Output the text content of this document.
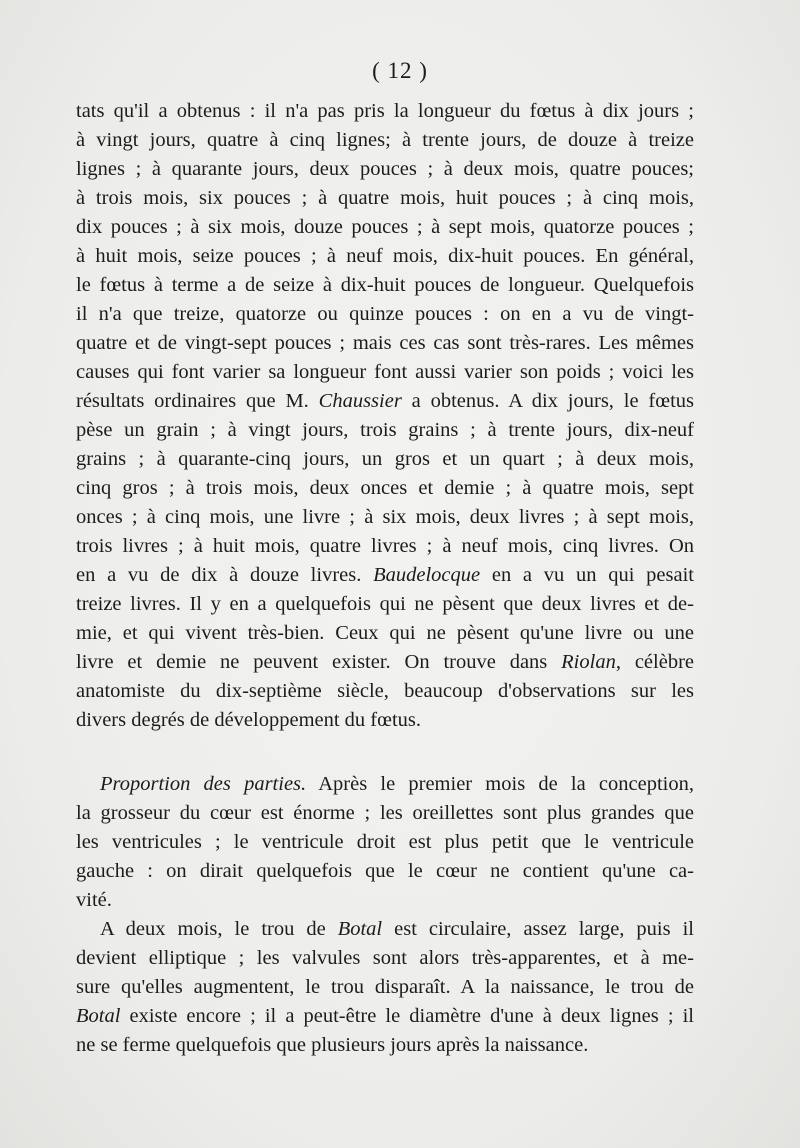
( 12 )
tats qu'il a obtenus : il n'a pas pris la longueur du fœtus à dix jours ;
à vingt jours, quatre à cinq lignes; à trente jours, de douze à treize
lignes ; à quarante jours, deux pouces ; à deux mois, quatre pouces;
à trois mois, six pouces ; à quatre mois, huit pouces ; à cinq mois,
dix pouces ; à six mois, douze pouces ; à sept mois, quatorze pouces ;
à huit mois, seize pouces ; à neuf mois, dix-huit pouces. En général,
le fœtus à terme a de seize à dix-huit pouces de longueur. Quelquefois
il n'a que treize, quatorze ou quinze pouces : on en a vu de vingt-
quatre et de vingt-sept pouces ; mais ces cas sont très-rares. Les mêmes
causes qui font varier sa longueur font aussi varier son poids ; voici les
résultats ordinaires que M. Chaussier a obtenus. A dix jours, le fœtus
pèse un grain ; à vingt jours, trois grains ; à trente jours, dix-neuf
grains ; à quarante-cinq jours, un gros et un quart ; à deux mois,
cinq gros ; à trois mois, deux onces et demie ; à quatre mois, sept
onces ; à cinq mois, une livre ; à six mois, deux livres ; à sept mois,
trois livres ; à huit mois, quatre livres ; à neuf mois, cinq livres. On
en a vu de dix à douze livres. Baudelocque en a vu un qui pesait
treize livres. Il y en a quelquefois qui ne pèsent que deux livres et de-
mie, et qui vivent très-bien. Ceux qui ne pèsent qu'une livre ou une
livre et demie ne peuvent exister. On trouve dans Riolan, célèbre
anatomiste du dix-septième siècle, beaucoup d'observations sur les
divers degrés de développement du fœtus.
Proportion des parties. Après le premier mois de la conception,
la grosseur du cœur est énorme ; les oreillettes sont plus grandes que
les ventricules ; le ventricule droit est plus petit que le ventricule
gauche : on dirait quelquefois que le cœur ne contient qu'une ca-
vité.
A deux mois, le trou de Botal est circulaire, assez large, puis il
devient elliptique ; les valvules sont alors très-apparentes, et à me-
sure qu'elles augmentent, le trou disparaît. A la naissance, le trou de
Botal existe encore ; il a peut-être le diamètre d'une à deux lignes ; il
ne se ferme quelquefois que plusieurs jours après la naissance.
